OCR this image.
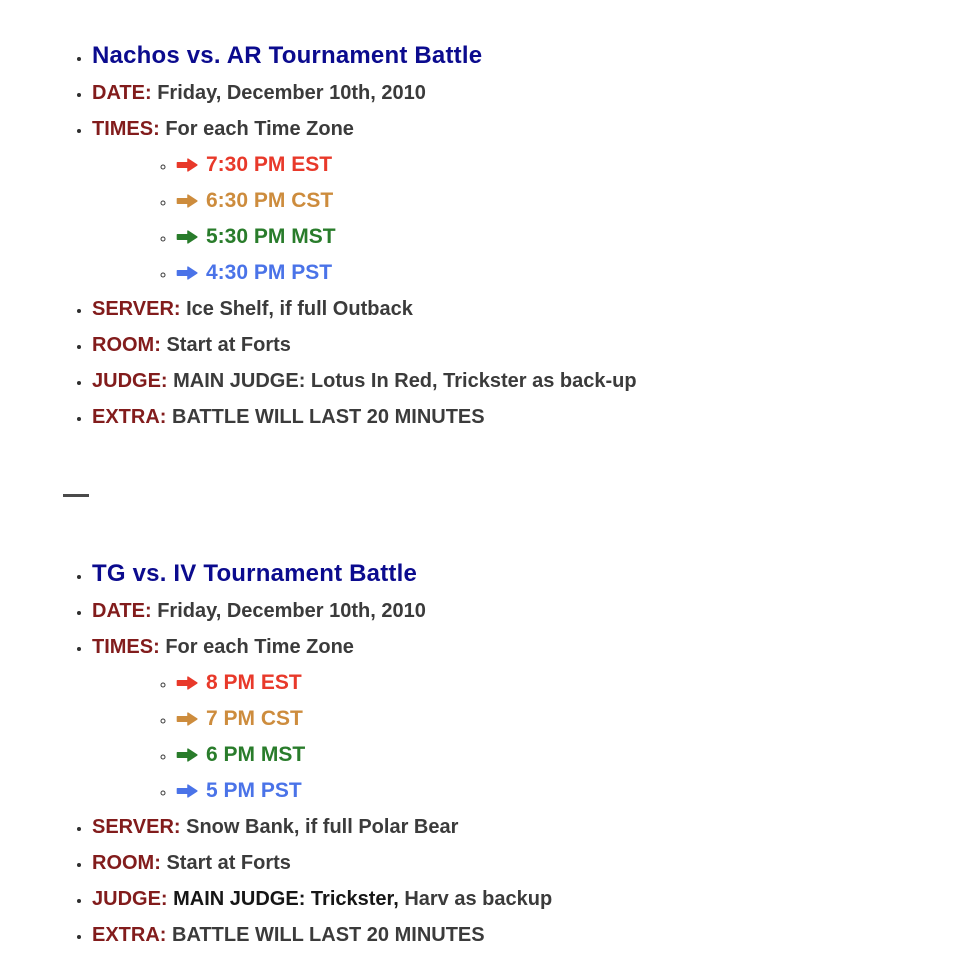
• Nachos vs. AR Tournament Battle
• DATE: Friday, December 10th, 2010
• TIMES: For each Time Zone
◦ 7:30 PM EST
◦ 6:30 PM CST
◦ 5:30 PM MST
◦ 4:30 PM PST
• SERVER: Ice Shelf, if full Outback
• ROOM: Start at Forts
• JUDGE: MAIN JUDGE: Lotus In Red, Trickster as back-up
• EXTRA: BATTLE WILL LAST 20 MINUTES
• TG vs. IV Tournament Battle
• DATE: Friday, December 10th, 2010
• TIMES: For each Time Zone
◦ 8 PM EST
◦ 7 PM CST
◦ 6 PM MST
◦ 5 PM PST
• SERVER: Snow Bank, if full Polar Bear
• ROOM: Start at Forts
• JUDGE: MAIN JUDGE: Trickster, Harv as backup
• EXTRA: BATTLE WILL LAST 20 MINUTES
